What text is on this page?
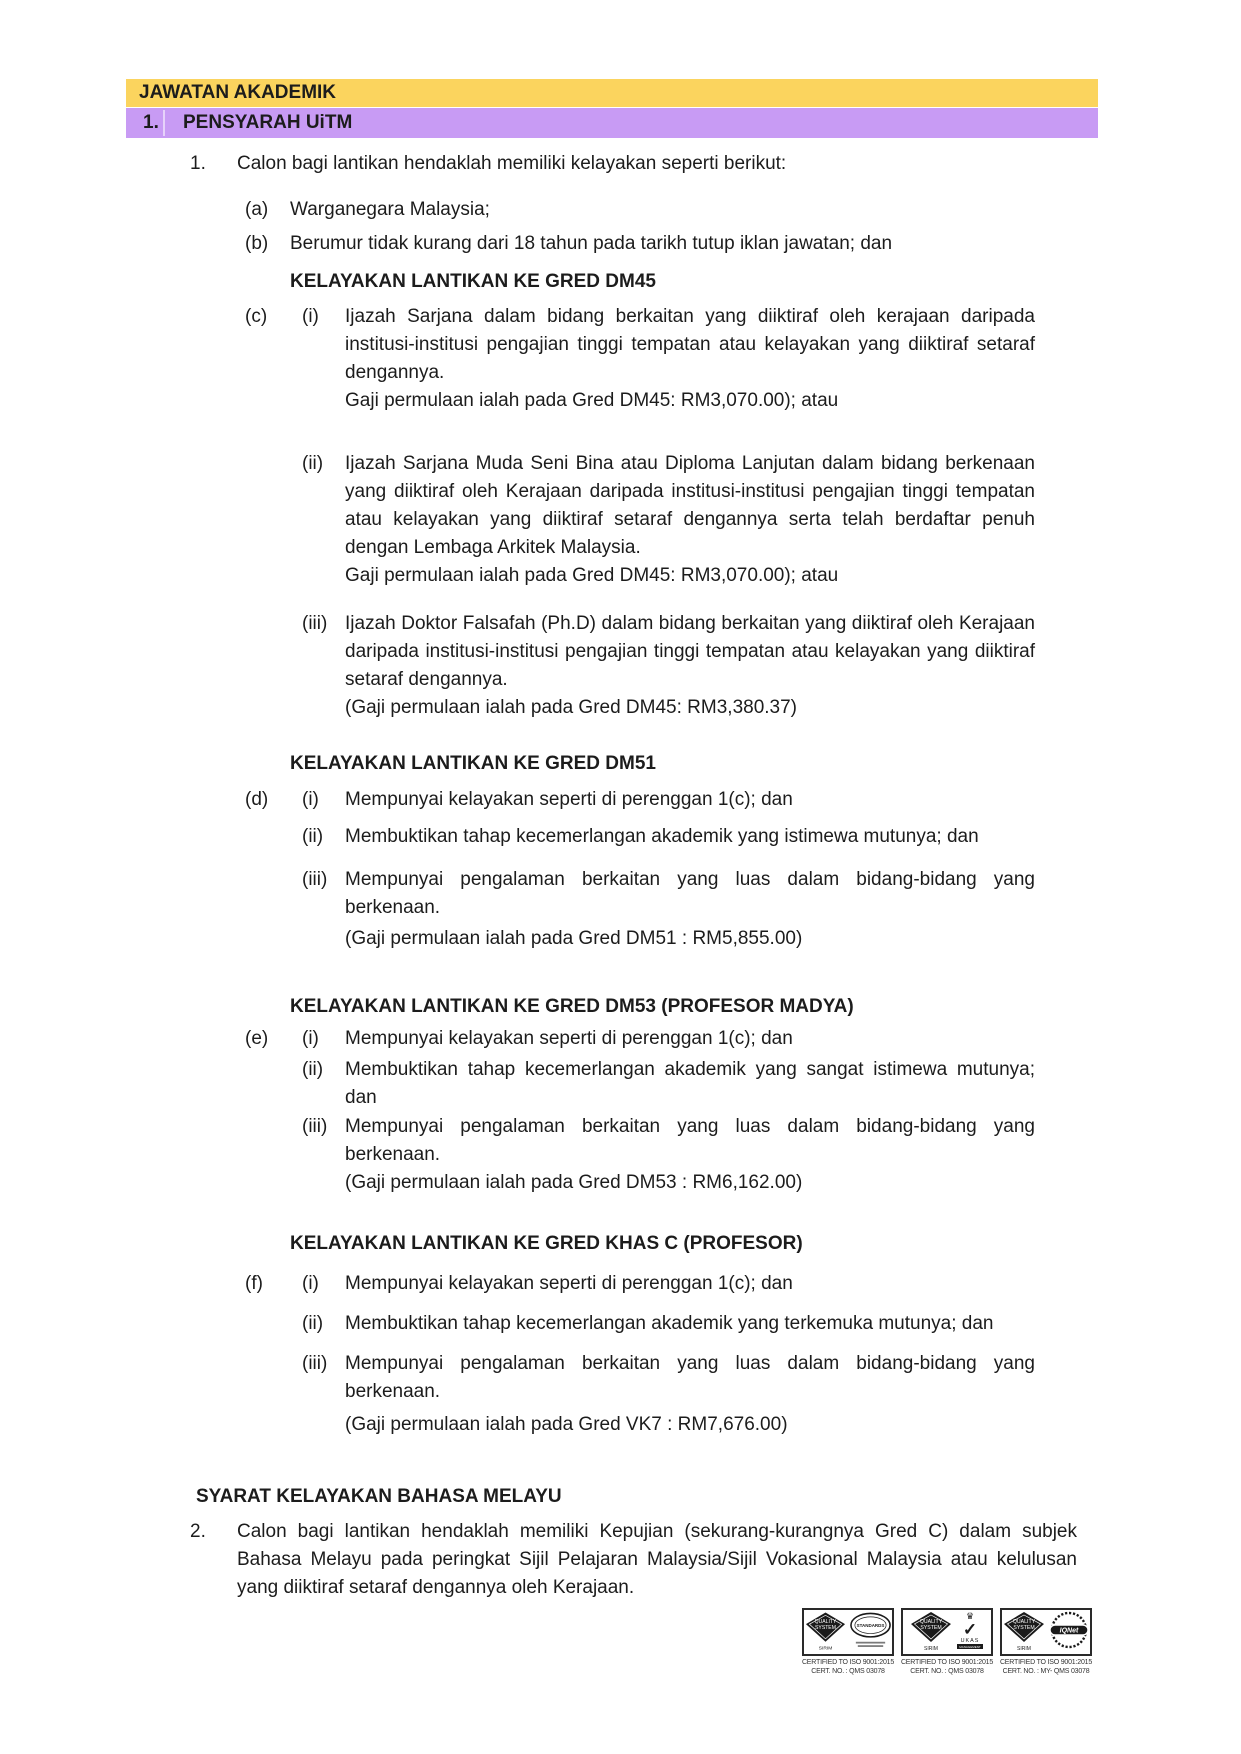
JAWATAN AKADEMIK
1.	PENSYARAH UiTM
1.	Calon bagi lantikan hendaklah memiliki kelayakan seperti berikut:
(a)	Warganegara Malaysia;
(b)	Berumur tidak kurang dari 18 tahun pada tarikh tutup iklan jawatan; dan
KELAYAKAN LANTIKAN KE GRED DM45
(c)	(i)	Ijazah Sarjana dalam bidang berkaitan yang diiktiraf oleh kerajaan daripada institusi-institusi pengajian tinggi tempatan atau kelayakan yang diiktiraf setaraf dengannya.
Gaji permulaan ialah pada Gred DM45: RM3,070.00); atau
(ii)	Ijazah Sarjana Muda Seni Bina atau Diploma Lanjutan dalam bidang berkenaan yang diiktiraf oleh Kerajaan daripada institusi-institusi pengajian tinggi tempatan atau kelayakan yang diiktiraf setaraf dengannya serta telah berdaftar penuh dengan Lembaga Arkitek Malaysia.
Gaji permulaan ialah pada Gred DM45: RM3,070.00); atau
(iii) Ijazah Doktor Falsafah (Ph.D) dalam bidang berkaitan yang diiktiraf oleh Kerajaan daripada institusi-institusi pengajian tinggi tempatan atau kelayakan yang diiktiraf setaraf dengannya.
(Gaji permulaan ialah pada Gred DM45: RM3,380.37)
KELAYAKAN LANTIKAN KE GRED DM51
(d)	(i)	Mempunyai kelayakan seperti di perenggan 1(c); dan
(ii)	Membuktikan tahap kecemerlangan akademik yang istimewa mutunya; dan
(iii) Mempunyai pengalaman berkaitan yang luas dalam bidang-bidang yang berkenaan.
(Gaji permulaan ialah pada Gred DM51 : RM5,855.00)
KELAYAKAN LANTIKAN KE GRED DM53 (PROFESOR MADYA)
(e)	(i)	Mempunyai kelayakan seperti di perenggan 1(c); dan
(ii)	Membuktikan tahap kecemerlangan akademik yang sangat istimewa mutunya; dan
(iii) Mempunyai pengalaman berkaitan yang luas dalam bidang-bidang yang berkenaan.
(Gaji permulaan ialah pada Gred DM53 : RM6,162.00)
KELAYAKAN LANTIKAN KE GRED KHAS C (PROFESOR)
(f)	(i)	Mempunyai kelayakan seperti di perenggan 1(c); dan
(ii)	Membuktikan tahap kecemerlangan akademik yang terkemuka mutunya; dan
(iii) Mempunyai pengalaman berkaitan yang luas dalam bidang-bidang yang berkenaan.
(Gaji permulaan ialah pada Gred VK7 : RM7,676.00)
SYARAT KELAYAKAN BAHASA MELAYU
2.	Calon bagi lantikan hendaklah memiliki Kepujian (sekurang-kurangnya Gred C) dalam subjek Bahasa Melayu pada peringkat Sijil Pelajaran Malaysia/Sijil Vokasional Malaysia atau kelulusan yang diiktiraf setaraf dengannya oleh Kerajaan.
QUALITY
SYSTEM
SIRIM
STANDARDS
CERTIFIED TO ISO 9001:2015
CERT. NO. : QMS 03078
QUALITY
SYSTEM
SIRIM
♛
✓
UKAS
MANAGEMENT
CERTIFIED TO ISO 9001:2015
CERT. NO. : QMS 03078
QUALITY
SYSTEM
SIRIM
IQNet
CERTIFIED TO ISO 9001:2015
CERT. NO. : MY- QMS 03078
